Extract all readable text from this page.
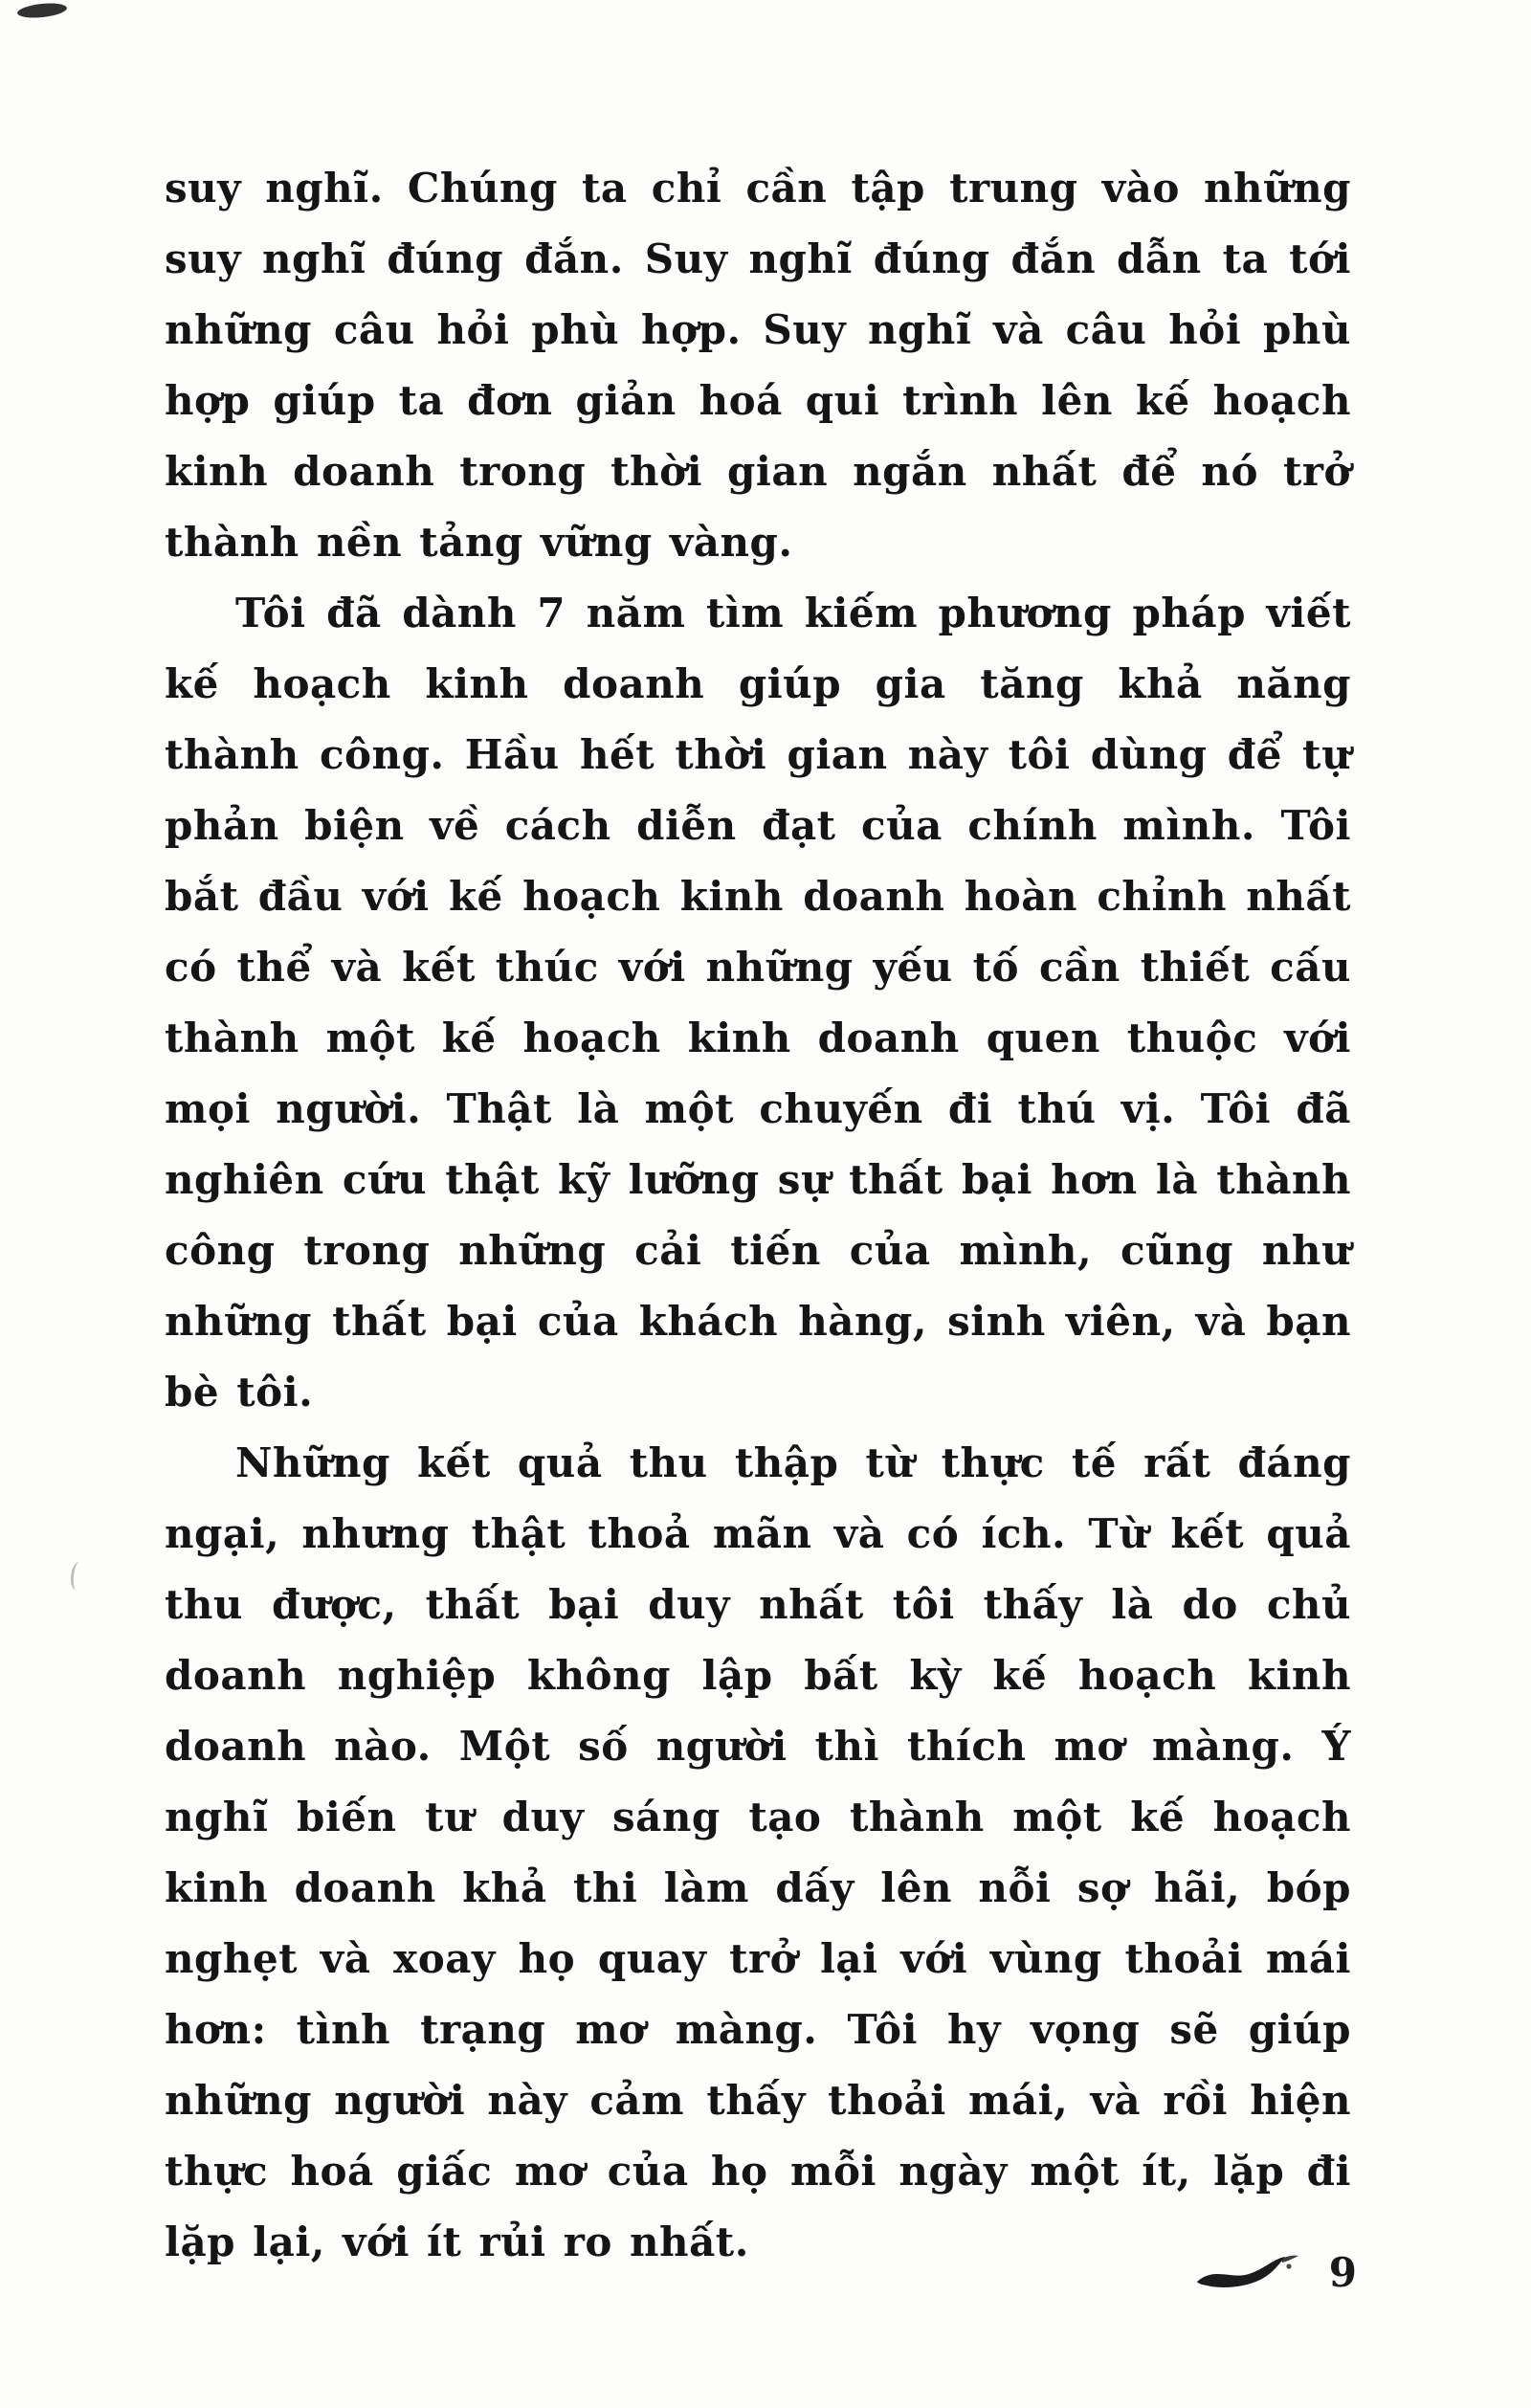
suy nghĩ. Chúng ta chỉ cần tập trung vào những suy nghĩ đúng đắn. Suy nghĩ đúng đắn dẫn ta tới những câu hỏi phù hợp. Suy nghĩ và câu hỏi phù hợp giúp ta đơn giản hoá qui trình lên kế hoạch kinh doanh trong thời gian ngắn nhất để nó trở thành nền tảng vững vàng.

Tôi đã dành 7 năm tìm kiếm phương pháp viết kế hoạch kinh doanh giúp gia tăng khả năng thành công. Hầu hết thời gian này tôi dùng để tự phản biện về cách diễn đạt của chính mình. Tôi bắt đầu với kế hoạch kinh doanh hoàn chỉnh nhất có thể và kết thúc với những yếu tố cần thiết cấu thành một kế hoạch kinh doanh quen thuộc với mọi người. Thật là một chuyến đi thú vị. Tôi đã nghiên cứu thật kỹ lưỡng sự thất bại hơn là thành công trong những cải tiến của mình, cũng như những thất bại của khách hàng, sinh viên, và bạn bè tôi.

Những kết quả thu thập từ thực tế rất đáng ngại, nhưng thật thoả mãn và có ích. Từ kết quả thu được, thất bại duy nhất tôi thấy là do chủ doanh nghiệp không lập bất kỳ kế hoạch kinh doanh nào. Một số người thì thích mơ màng. Ý nghĩ biến tư duy sáng tạo thành một kế hoạch kinh doanh khả thi làm dấy lên nỗi sợ hãi, bóp nghẹt và xoay họ quay trở lại với vùng thoải mái hơn: tình trạng mơ màng. Tôi hy vọng sẽ giúp những người này cảm thấy thoải mái, và rồi hiện thực hoá giấc mơ của họ mỗi ngày một ít, lặp đi lặp lại, với ít rủi ro nhất.

9
